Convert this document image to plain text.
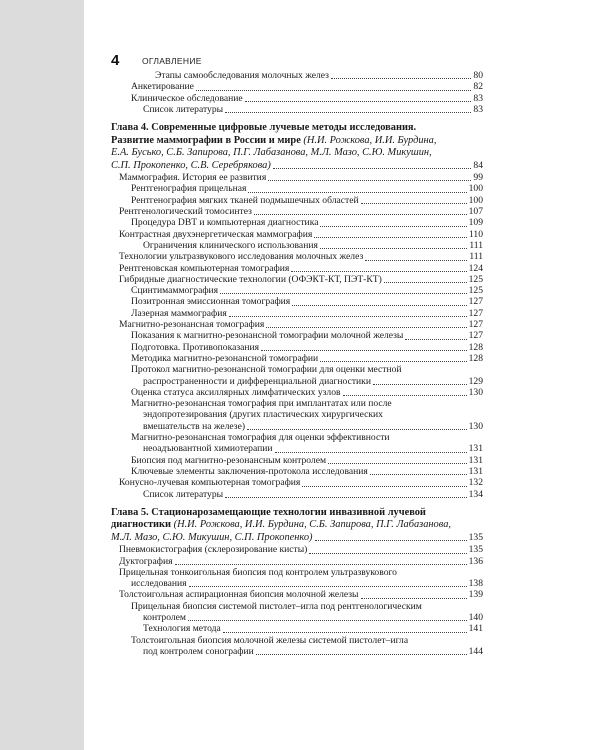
4	ОГЛАВЛЕНИЕ
Этапы самообследования молочных желез	80
Анкетирование	82
Клиническое обследование	83
Список литературы	83
Глава 4. Современные цифровые лучевые методы исследования.
Развитие маммографии в России и мире (Н.И. Рожкова, И.И. Бурдина,
Е.А. Бусько, С.Б. Запирова, П.Г. Лабазанова, М.Л. Мазо, С.Ю. Микушин,
С.П. Прокопенко, С.В. Серебрякова)	84
Маммография. История ее развития	99
Рентгенография прицельная	100
Рентгенография мягких тканей подмышечных областей	100
Рентгенологический томосинтез	107
Процедура DBT и компьютерная диагностика	109
Контрастная двухэнергетическая маммография	110
Ограничения клинического использования	111
Технологии ультразвукового исследования молочных желез	111
Рентгеновская компьютерная томография	124
Гибридные диагностические технологии (ОФЭКТ-КТ, ПЭТ-КТ)	125
Сцинтимаммография	125
Позитронная эмиссионная томография	127
Лазерная маммография	127
Магнитно-резонансная томография	127
Показания к магнитно-резонансной томографии молочной железы	127
Подготовка. Противопоказания	128
Методика магнитно-резонансной томографии	128
Протокол магнитно-резонансной томографии для оценки местной
распространенности и дифференциальной диагностики	129
Оценка статуса аксиллярных лимфатических узлов	130
Магнитно-резонансная томография при имплантатах или после
эндопротезирования (других пластических хирургических
вмешательств на железе)	130
Магнитно-резонансная томография для оценки эффективности
неоадъювантной химиотерапии	131
Биопсия под магнитно-резонансным контролем	131
Ключевые элементы заключения-протокола исследования	131
Конусно-лучевая компьютерная томография	132
Список литературы	134
Глава 5. Стационарозамещающие технологии инвазивной лучевой
диагностики (Н.И. Рожкова, И.И. Бурдина, С.Б. Запирова, П.Г. Лабазанова,
М.Л. Мазо, С.Ю. Микушин, С.П. Прокопенко)	135
Пневмокистография (склерозирование кисты)	135
Дуктография	136
Прицельная тонкоигольная биопсия под контролем ультразвукового
исследования	138
Толстоигольная аспирационная биопсия молочной железы	139
Прицельная биопсия системой пистолет–игла под рентгенологическим
контролем	140
Технология метода	141
Толстоигольная биопсия молочной железы системой пистолет–игла
под контролем сонографии	144
